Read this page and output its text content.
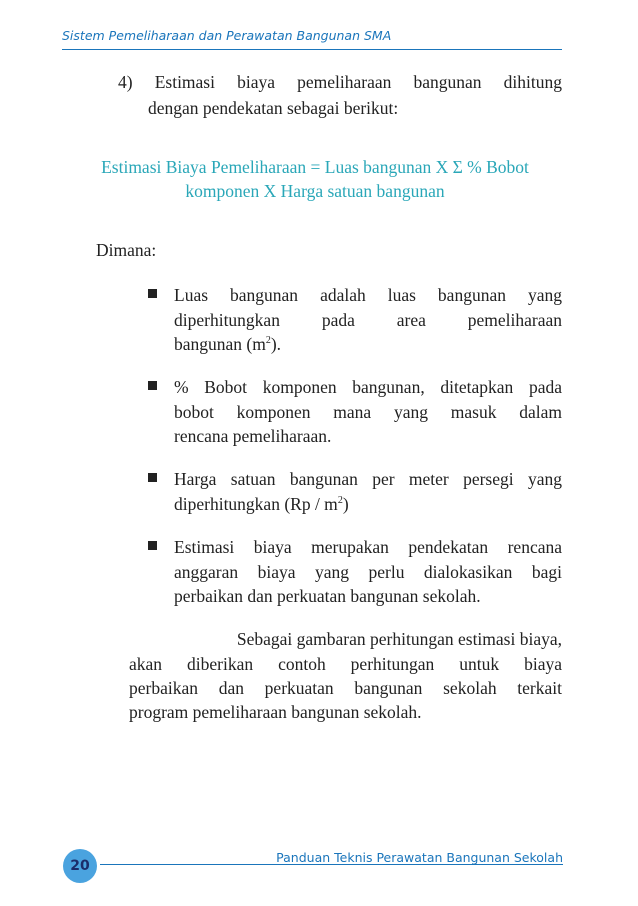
Sistem Pemeliharaan dan Perawatan Bangunan SMA
4) Estimasi biaya pemeliharaan bangunan dihitung
dengan pendekatan sebagai berikut:
Estimasi Biaya Pemeliharaan = Luas bangunan X Σ % Bobot
komponen X Harga satuan bangunan
Dimana:
Luas bangunan adalah luas bangunan yang
diperhitungkan pada area pemeliharaan
bangunan $(m^2)$.
% Bobot komponen bangunan, ditetapkan pada
bobot komponen mana yang masuk dalam
rencana pemeliharaan.
Harga satuan bangunan per meter persegi yang
diperhitungkan $(Rp / m^2)$
Estimasi biaya merupakan pendekatan rencana
anggaran biaya yang perlu dialokasikan bagi
perbaikan dan perkuatan bangunan sekolah.
Sebagai gambaran perhitungan estimasi biaya,
akan diberikan contoh perhitungan untuk biaya
perbaikan dan perkuatan bangunan sekolah terkait
program pemeliharaan bangunan sekolah.
Panduan Teknis Perawatan Bangunan Sekolah
20
